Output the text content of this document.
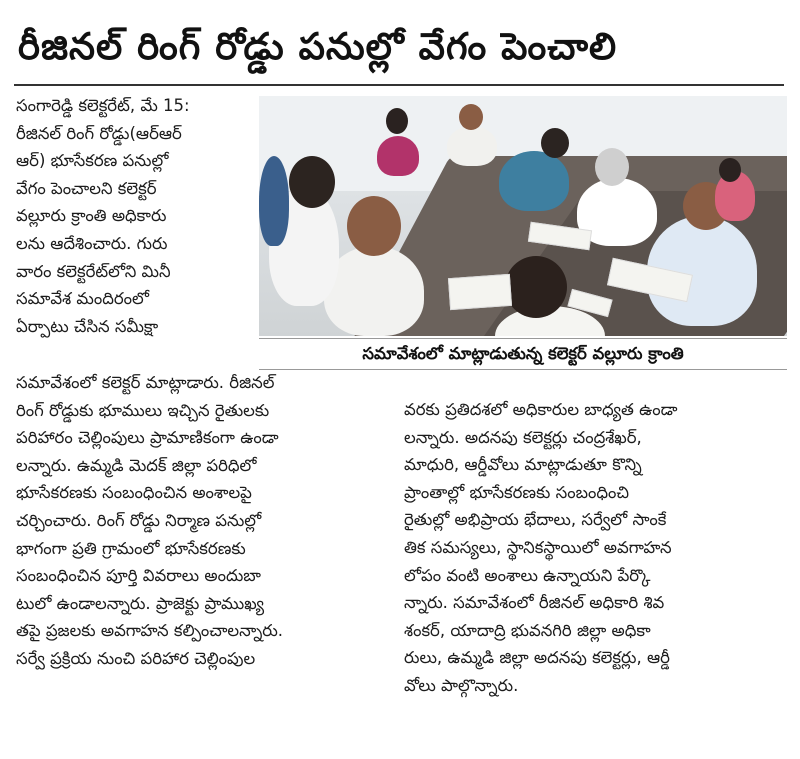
రీజినల్ రింగ్ రోడ్డు పనుల్లో వేగం పెంచాలి
సంగారెడ్డి కలెక్టరేట్, మే 15:
రీజినల్ రింగ్ రోడ్డు(ఆర్ఆర్
ఆర్) భూసేకరణ పనుల్లో
వేగం పెంచాలని కలెక్టర్
వల్లూరు క్రాంతి అధికారు
లను ఆదేశించారు. గురు
వారం కలెక్టరేట్‌లోని మినీ
సమావేశ మందిరంలో
ఏర్పాటు చేసిన సమీక్షా
సమావేశంలో మాట్లాడుతున్న కలెక్టర్ వల్లూరు క్రాంతి
సమావేశంలో కలెక్టర్ మాట్లాడారు. రీజినల్
రింగ్ రోడ్డుకు భూములు ఇచ్చిన రైతులకు
పరిహారం చెల్లింపులు ప్రామాణికంగా ఉండా
లన్నారు. ఉమ్మడి మెదక్ జిల్లా పరిధిలో
భూసేకరణకు సంబంధించిన అంశాలపై
చర్చించారు. రింగ్ రోడ్డు నిర్మాణ పనుల్లో
భాగంగా ప్రతి గ్రామంలో భూసేకరణకు
సంబంధించిన పూర్తి వివరాలు అందుబా
టులో ఉండాలన్నారు. ప్రాజెక్టు ప్రాముఖ్య
తపై ప్రజలకు అవగాహన కల్పించాలన్నారు.
సర్వే ప్రక్రియ నుంచి పరిహార చెల్లింపుల
వరకు ప్రతిదశలో అధికారుల బాధ్యత ఉండా
లన్నారు. అదనపు కలెక్టర్లు చంద్రశేఖర్,
మాధురి, ఆర్డీవోలు మాట్లాడుతూ కొన్ని
ప్రాంతాల్లో భూసేకరణకు సంబంధించి
రైతుల్లో అభిప్రాయ భేదాలు, సర్వేలో సాంకే
తిక సమస్యలు, స్థానికస్థాయిలో అవగాహన
లోపం వంటి అంశాలు ఉన్నాయని పేర్కొ
న్నారు. సమావేశంలో రీజినల్ అధికారి శివ
శంకర్, యాదాద్రి భువనగిరి జిల్లా అధికా
రులు, ఉమ్మడి జిల్లా అదనపు కలెక్టర్లు, ఆర్డీ
వోలు పాల్గొన్నారు.
